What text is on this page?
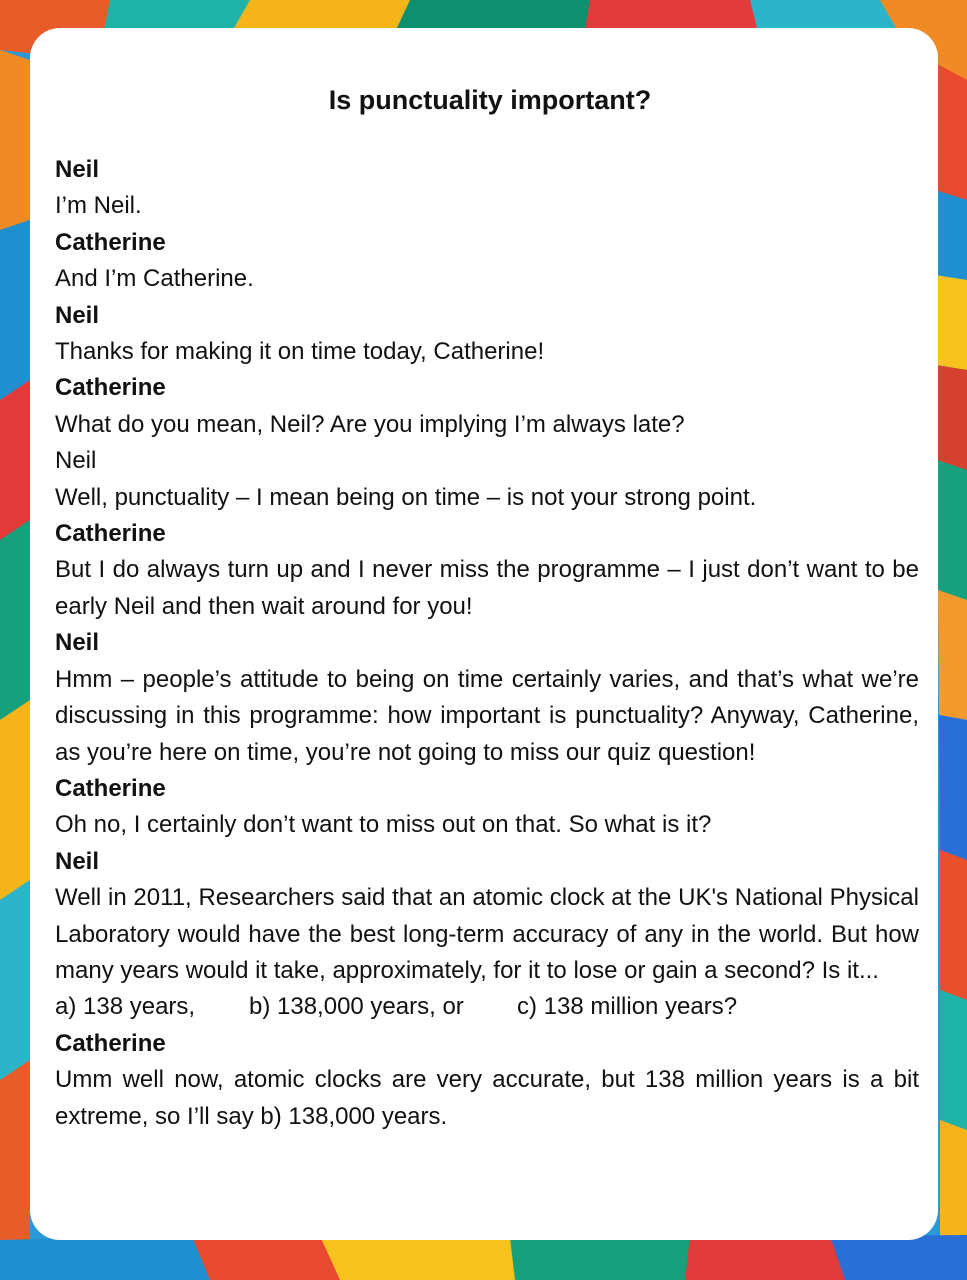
Is punctuality important?
Neil
I’m Neil.
Catherine
And I’m Catherine.
Neil
Thanks for making it on time today, Catherine!
Catherine
What do you mean, Neil? Are you implying I’m always late?
Neil
Well, punctuality – I mean being on time – is not your strong point.
Catherine
But I do always turn up and I never miss the programme – I just don’t want to be early Neil and then wait around for you!
Neil
Hmm – people’s attitude to being on time certainly varies, and that’s what we’re discussing in this programme: how important is punctuality? Anyway, Catherine, as you’re here on time, you’re not going to miss our quiz question!
Catherine
Oh no, I certainly don’t want to miss out on that. So what is it?
Neil
Well in 2011, Researchers said that an atomic clock at the UK's National Physical Laboratory would have the best long-term accuracy of any in the world. But how many years would it take, approximately, for it to lose or gain a second? Is it...
a) 138 years,	b) 138,000 years, or	c) 138 million years?
Catherine
Umm well now, atomic clocks are very accurate, but 138 million years is a bit extreme, so I’ll say b) 138,000 years.
